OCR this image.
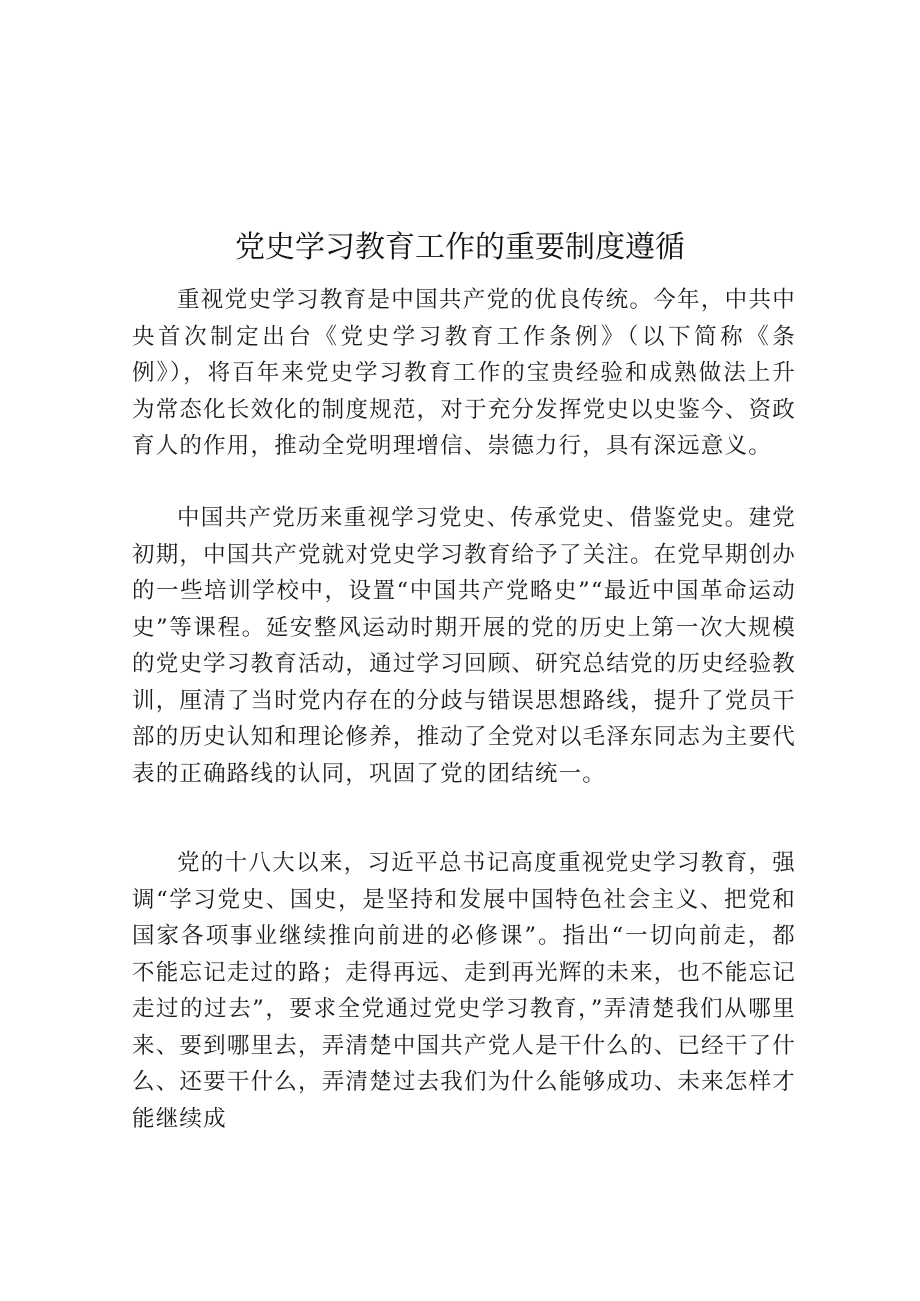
党史学习教育工作的重要制度遵循

重视党史学习教育是中国共产党的优良传统。今年，中共中央首次制定出台《党史学习教育工作条例》（以下简称《条例》），将百年来党史学习教育工作的宝贵经验和成熟做法上升为常态化长效化的制度规范，对于充分发挥党史以史鉴今、资政育人的作用，推动全党明理增信、崇德力行，具有深远意义。

中国共产党历来重视学习党史、传承党史、借鉴党史。建党初期，中国共产党就对党史学习教育给予了关注。在党早期创办的一些培训学校中，设置“中国共产党略史”“最近中国革命运动史”等课程。延安整风运动时期开展的党的历史上第一次大规模的党史学习教育活动，通过学习回顾、研究总结党的历史经验教训，厘清了当时党内存在的分歧与错误思想路线，提升了党员干部的历史认知和理论修养，推动了全党对以毛泽东同志为主要代表的正确路线的认同，巩固了党的团结统一。

党的十八大以来，习近平总书记高度重视党史学习教育，强调“学习党史、国史，是坚持和发展中国特色社会主义、把党和国家各项事业继续推向前进的必修课”。指出“一切向前走，都不能忘记走过的路；走得再远、走到再光辉的未来，也不能忘记走过的过去”，要求全党通过党史学习教育，”弄清楚我们从哪里来、要到哪里去，弄清楚中国共产党人是干什么的、已经干了什么、还要干什么，弄清楚过去我们为什么能够成功、未来怎样才能继续成
